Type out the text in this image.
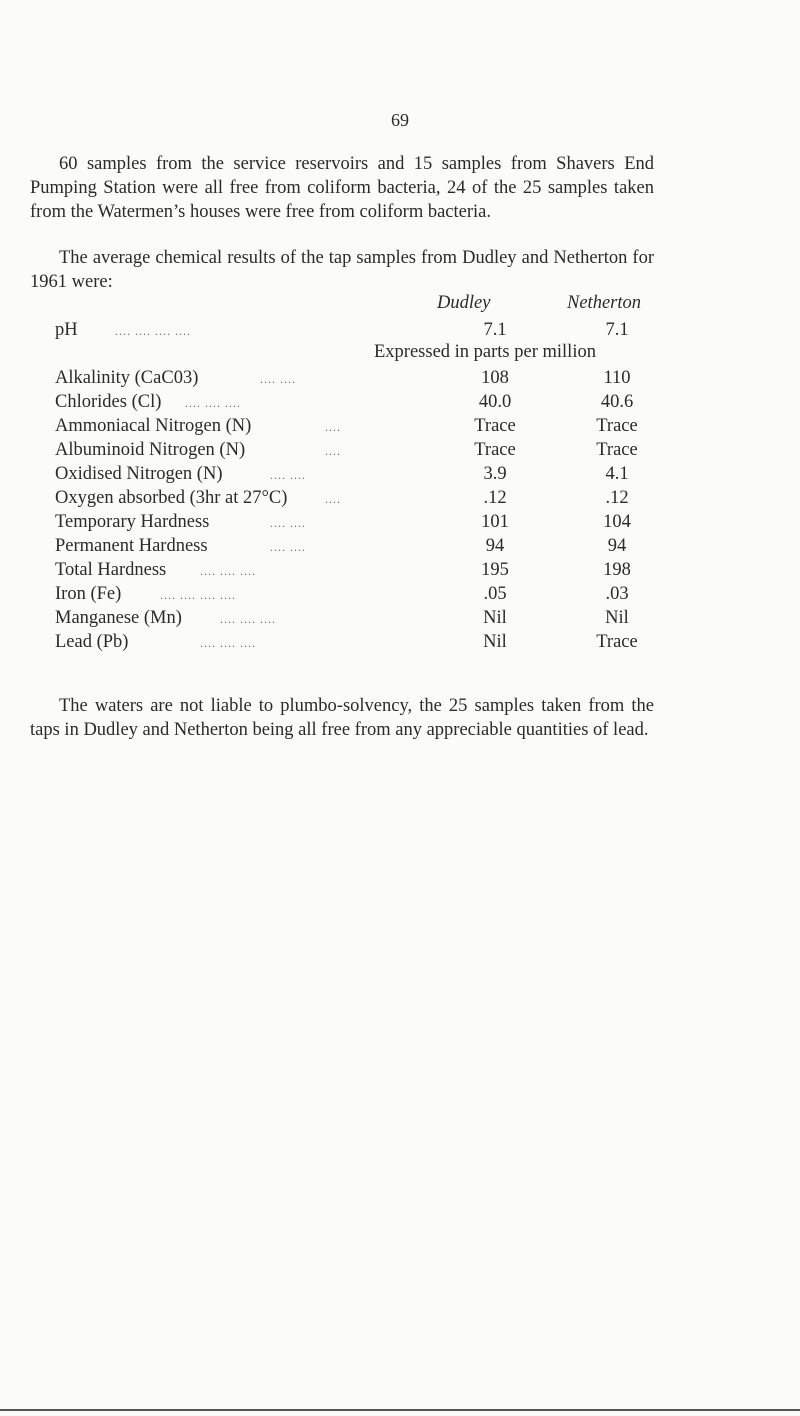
69

60 samples from the service reservoirs and 15 samples from Shavers End Pumping Station were all free from coliform bacteria, 24 of the 25 samples taken from the Watermen’s houses were free from coliform bacteria.

The average chemical results of the tap samples from Dudley and Netherton for 1961 were:

Dudley	Netherton
Expressed in parts per million
pH	.... .... .... ....	7.1	7.1
Alkalinity (CaC03)	.... ....	108	110
Chlorides (Cl) .... .... ....	40.0	40.6
Ammoniacal Nitrogen (N)	....	Trace	Trace
Albuminoid Nitrogen (N)	....	Trace	Trace
Oxidised Nitrogen (N)	.... ....	3.9	4.1
Oxygen absorbed (3hr at 27°C)	....	.12	.12
Temporary Hardness	.... ....	101	104
Permanent Hardness	.... ....	94	94
Total Hardness	.... .... ....	195	198
Iron (Fe)	.... .... .... ....	.05	.03
Manganese (Mn)	.... .... ....	Nil	Nil
Lead (Pb)	.... .... ....	Nil	Trace

The waters are not liable to plumbo-solvency, the 25 samples taken from the taps in Dudley and Netherton being all free from any appreciable quantities of lead.
